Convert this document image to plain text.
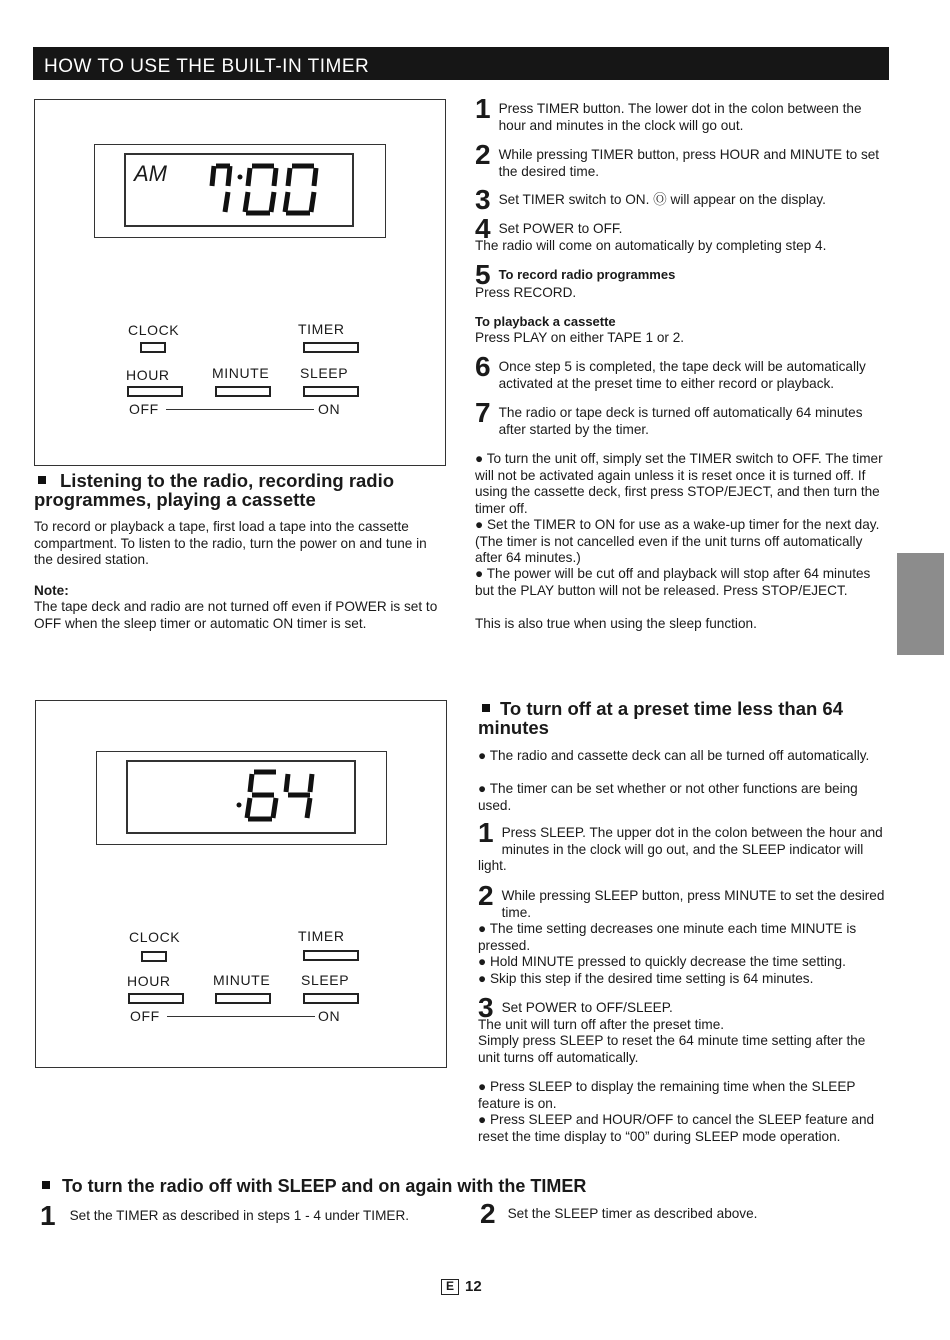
HOW TO USE THE BUILT-IN TIMER
AM
CLOCK	TIMER
HOUR	MINUTE SLEEP
OFF	ON
Listening to the radio, recording radio
programmes, playing a cassette
To record or playback a tape, first load a tape into the cassette compartment. To listen to the radio, turn the power on and tune in the desired station.
Note:
The tape deck and radio are not turned off even if POWER is set to OFF when the sleep timer or automatic ON timer is set.
1 Press TIMER button. The lower dot in the colon between the hour and minutes in the clock will go out.
2 While pressing TIMER button, press HOUR and MINUTE to set the desired time.
3 Set TIMER switch to ON. Ⓞ will appear on the display.
4 Set POWER to OFF.
The radio will come on automatically by completing step 4.
5 To record radio programmes
Press RECORD.
To playback a cassette
Press PLAY on either TAPE 1 or 2.
6 Once step 5 is completed, the tape deck will be automatically activated at the preset time to either record or playback.
7 The radio or tape deck is turned off automatically 64 minutes after started by the timer.
● To turn the unit off, simply set the TIMER switch to OFF. The timer will not be activated again unless it is reset once it is turned off. If using the cassette deck, first press STOP/EJECT, and then turn the timer off.
● Set the TIMER to ON for use as a wake-up timer for the next day. (The timer is not cancelled even if the unit turns off automatically after 64 minutes.)
● The power will be cut off and playback will stop after 64 minutes but the PLAY button will not be released. Press STOP/EJECT.
This is also true when using the sleep function.
CLOCK	TIMER
HOUR	MINUTE SLEEP
OFF	ON
To turn off at a preset time less than 64
minutes
● The radio and cassette deck can all be turned off automatically.
● The timer can be set whether or not other functions are being used.
1 Press SLEEP. The upper dot in the colon between the hour and minutes in the clock will go out, and the SLEEP indicator will light.
2 While pressing SLEEP button, press MINUTE to set the desired time.
● The time setting decreases one minute each time MINUTE is pressed.
● Hold MINUTE pressed to quickly decrease the time setting.
● Skip this step if the desired time setting is 64 minutes.
3 Set POWER to OFF/SLEEP.
The unit will turn off after the preset time.
Simply press SLEEP to reset the 64 minute time setting after the unit turns off automatically.
● Press SLEEP to display the remaining time when the SLEEP feature is on.
● Press SLEEP and HOUR/OFF to cancel the SLEEP feature and reset the time display to “00” during SLEEP mode operation.
To turn the radio off with SLEEP and on again with the TIMER
1 Set the TIMER as described in steps 1 - 4 under TIMER.	2 Set the SLEEP timer as described above.
E 12
